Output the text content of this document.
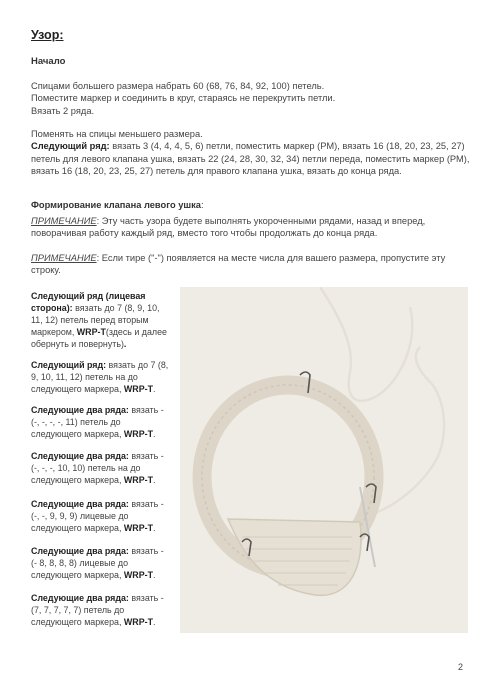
Узор:
Начало
Спицами большего размера набрать 60 (68, 76, 84, 92, 100) петель.
Поместите маркер и соединить в круг, стараясь не перекрутить петли.
Вязать 2 ряда.
Поменять на спицы меньшего размера.
Следующий ряд: вязать 3 (4, 4, 4, 5, 6) петли, поместить маркер (РМ), вязать 16 (18, 20, 23, 25, 27) петель для левого клапана ушка, вязать 22 (24, 28, 30, 32, 34) петли переда, поместить маркер (РМ), вязать 16 (18, 20, 23, 25, 27) петель для правого клапана ушка, вязать до конца ряда.
Формирование клапана левого ушка:
ПРИМЕЧАНИЕ: Эту часть узора будете выполнять укороченными рядами, назад и вперед, поворачивая работу каждый ряд, вместо того чтобы продолжать до конца ряда.
ПРИМЕЧАНИЕ: Если тире ("-") появляется на месте числа для вашего размера, пропустите эту строку.
Следующий ряд (лицевая сторона): вязать до 7 (8, 9, 10, 11, 12) петель перед вторым маркером, WRP-T(здесь и далее обернуть и повернуть).
Следующий ряд: вязать до 7 (8, 9, 10, 11, 12) петель на до следующего маркера, WRP-T.
Следующие два ряда: вязать - (-, -, -, -, 11) петель до следующего маркера, WRP-T.
Следующие два ряда: вязать - (-, -, -, 10, 10) петель на до следующего маркера, WRP-T.
Следующие два ряда: вязать - (-, -, 9, 9, 9) лицевые до следующего маркера, WRP-T.
Следующие два ряда: вязать - (- 8, 8, 8, 8) лицевые до следующего маркера, WRP-T.
Следующие два ряда: вязать - (7, 7, 7, 7, 7) петель до следующего маркера, WRP-T.
2
